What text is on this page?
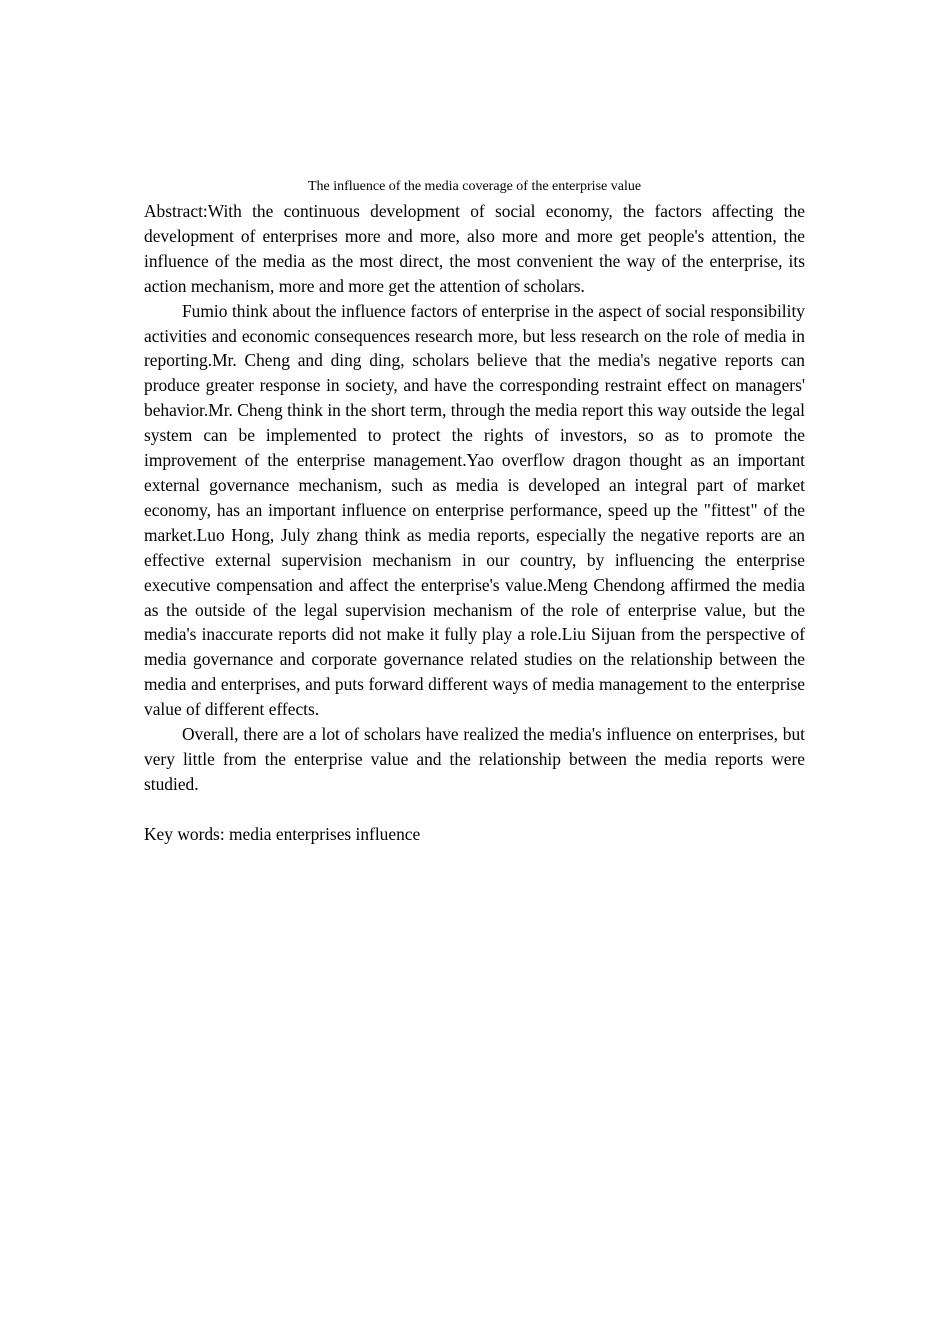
The influence of the media coverage of the enterprise value

Abstract:With the continuous development of social economy, the factors affecting the development of enterprises more and more, also more and more get people's attention, the influence of the media as the most direct, the most convenient the way of the enterprise, its action mechanism, more and more get the attention of scholars.

Fumio think about the influence factors of enterprise in the aspect of social responsibility activities and economic consequences research more, but less research on the role of media in reporting.Mr. Cheng and ding ding, scholars believe that the media's negative reports can produce greater response in society, and have the corresponding restraint effect on managers' behavior.Mr. Cheng think in the short term, through the media report this way outside the legal system can be implemented to protect the rights of investors, so as to promote the improvement of the enterprise management.Yao overflow dragon thought as an important external governance mechanism, such as media is developed an integral part of market economy, has an important influence on enterprise performance, speed up the "fittest" of the market.Luo Hong, July zhang think as media reports, especially the negative reports are an effective external supervision mechanism in our country, by influencing the enterprise executive compensation and affect the enterprise's value.Meng Chendong affirmed the media as the outside of the legal supervision mechanism of the role of enterprise value, but the media's inaccurate reports did not make it fully play a role.Liu Sijuan from the perspective of media governance and corporate governance related studies on the relationship between the media and enterprises, and puts forward different ways of media management to the enterprise value of different effects.

Overall, there are a lot of scholars have realized the media's influence on enterprises, but very little from the enterprise value and the relationship between the media reports were studied.

Key words: media enterprises influence
